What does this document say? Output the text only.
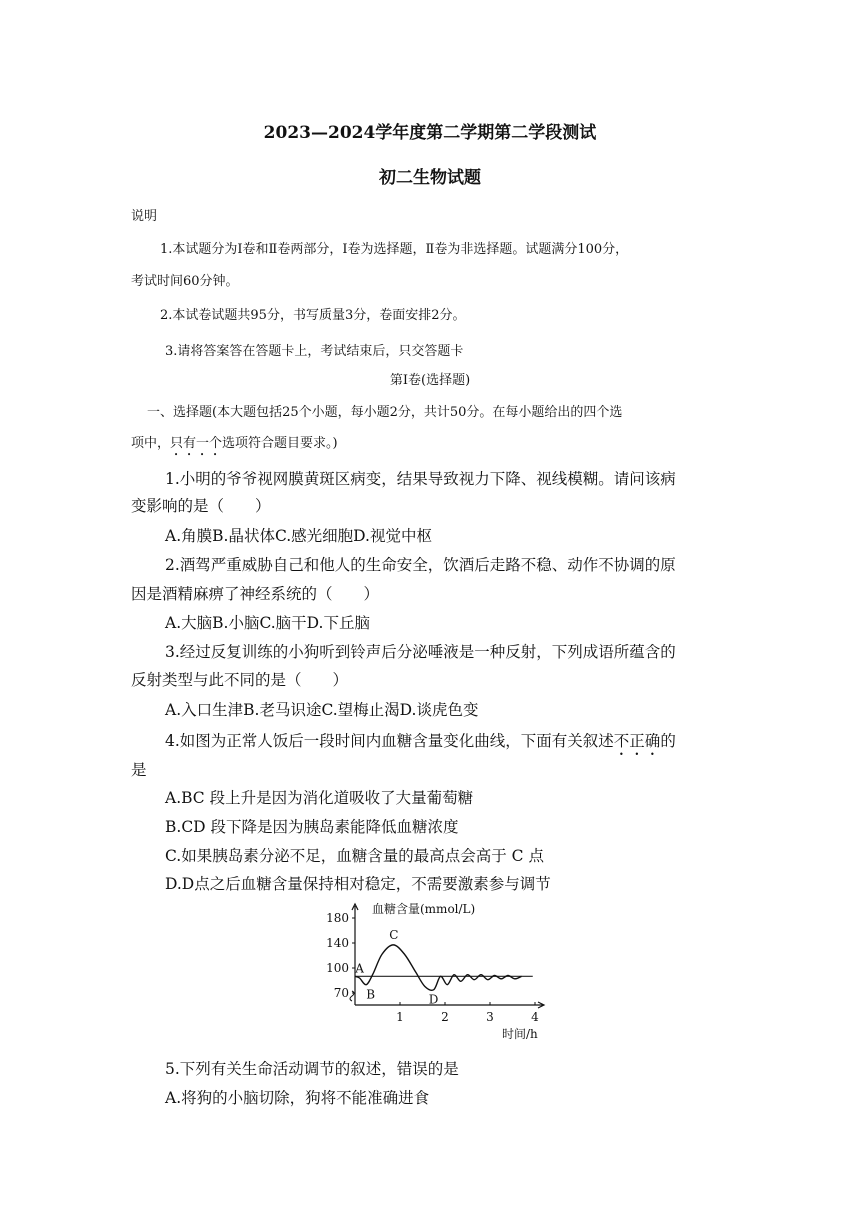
2023—2024学年度第二学期第二学段测试
初二生物试题
说明
1.本试题分为Ⅰ卷和Ⅱ卷两部分，Ⅰ卷为选择题，Ⅱ卷为非选择题。试题满分100分，
考试时间60分钟。
2.本试卷试题共95分，书写质量3分，卷面安排2分。
3.请将答案答在答题卡上，考试结束后，只交答题卡
第Ⅰ卷(选择题)
一、选择题(本大题包括25个小题，每小题2分，共计50分。在每小题给出的四个选
项中，只有一个选项符合题目要求。)
1.小明的爷爷视网膜黄斑区病变，结果导致视力下降、视线模糊。请问该病
变影响的是（　　）
A.角膜B.晶状体C.感光细胞D.视觉中枢
2.酒驾严重威胁自己和他人的生命安全，饮酒后走路不稳、动作不协调的原
因是酒精麻痹了神经系统的（　　）
A.大脑B.小脑C.脑干D.下丘脑
3.经过反复训练的小狗听到铃声后分泌唾液是一种反射，下列成语所蕴含的
反射类型与此不同的是（　　）
A.入口生津B.老马识途C.望梅止渴D.谈虎色变
4.如图为正常人饭后一段时间内血糖含量变化曲线，下面有关叙述不正确的
是
A.BC 段上升是因为消化道吸收了大量葡萄糖
B.CD 段下降是因为胰岛素能降低血糖浓度
C.如果胰岛素分泌不足，血糖含量的最高点会高于 C 点
D.D点之后血糖含量保持相对稳定，不需要激素参与调节
血糖含量(mmol/L)
时间/h
180
140
100
70
1	2	3	4
A
B
C
D
5.下列有关生命活动调节的叙述，错误的是
A.将狗的小脑切除，狗将不能准确进食
